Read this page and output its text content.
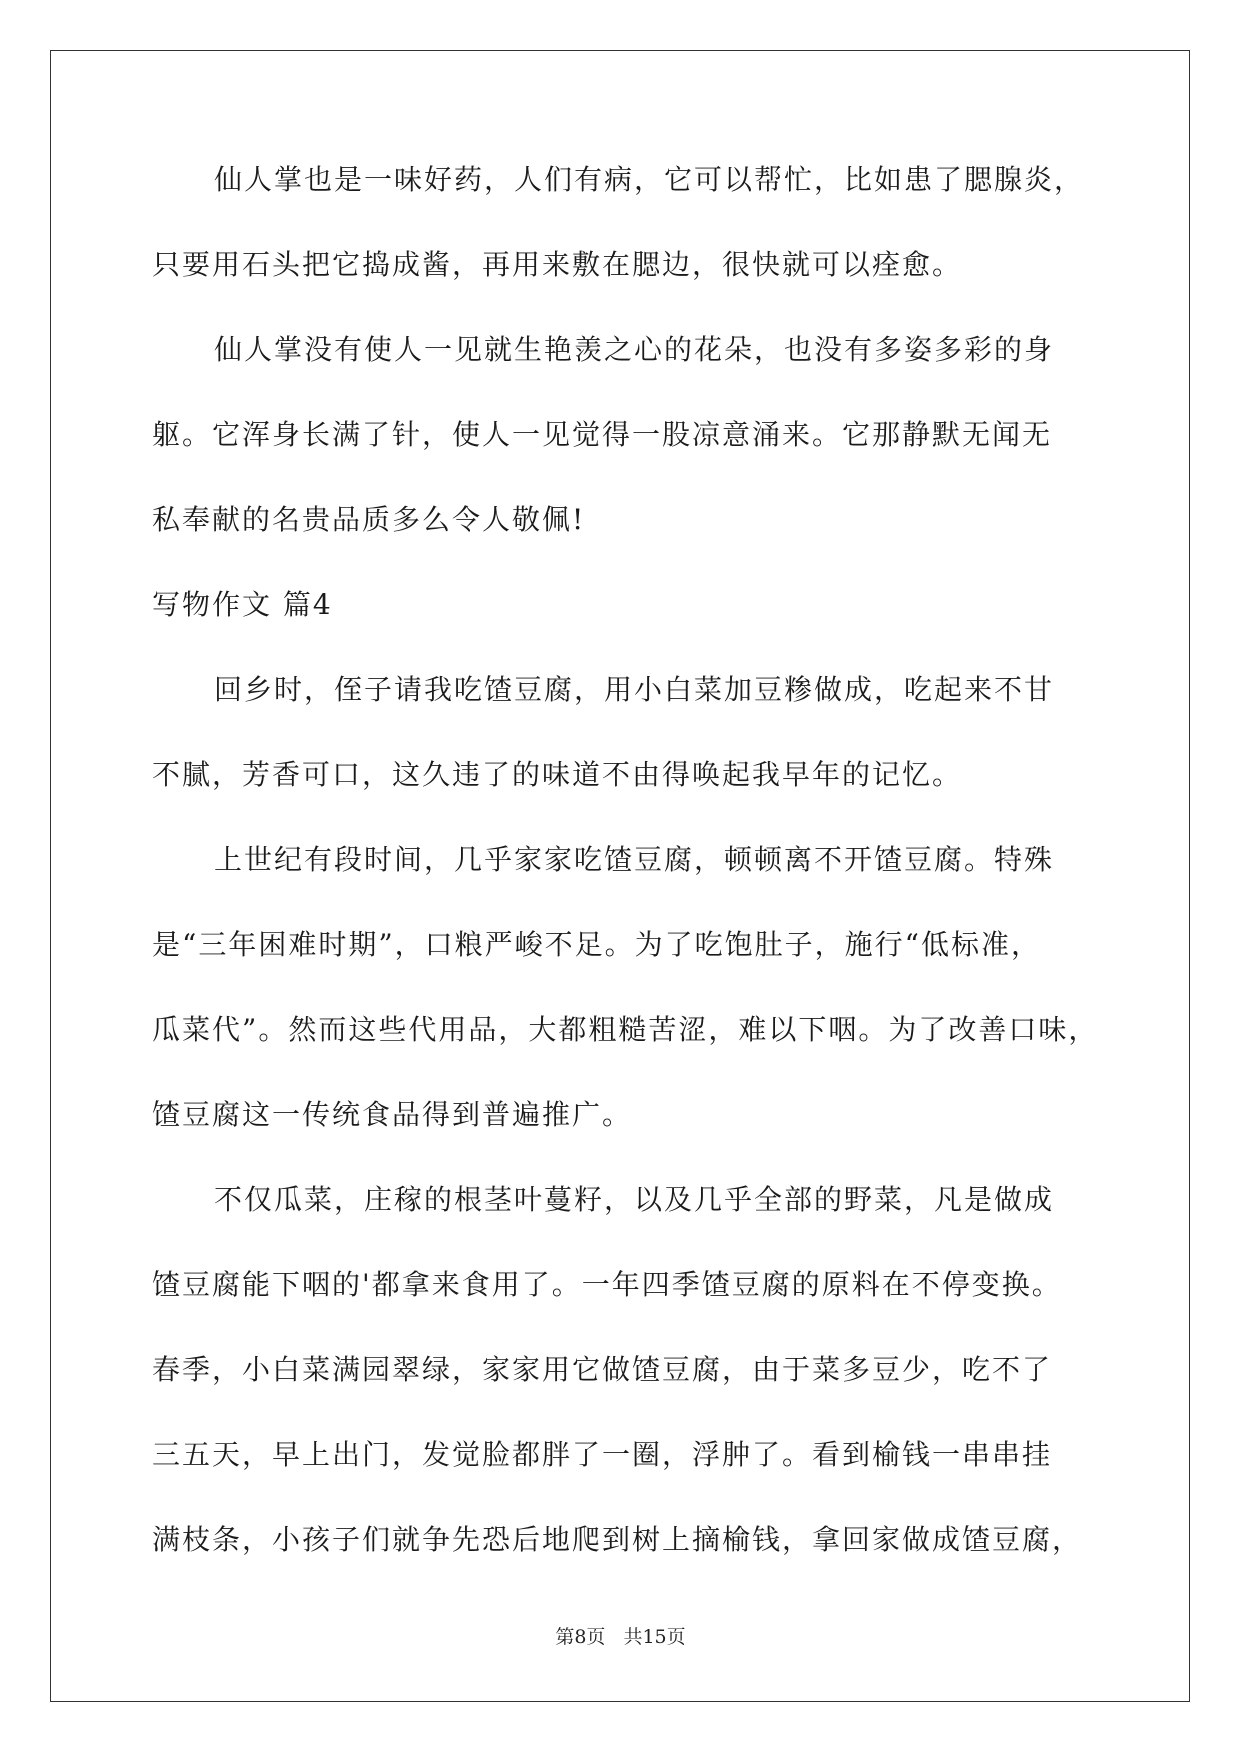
仙人掌也是一味好药，人们有病，它可以帮忙，比如患了腮腺炎，
只要用石头把它捣成酱，再用来敷在腮边，很快就可以痊愈。
仙人掌没有使人一见就生艳羡之心的花朵，也没有多姿多彩的身
躯。它浑身长满了针，使人一见觉得一股凉意涌来。它那静默无闻无
私奉献的名贵品质多么令人敬佩!
写物作文 篇4
回乡时，侄子请我吃馇豆腐，用小白菜加豆糁做成，吃起来不甘
不腻，芳香可口，这久违了的味道不由得唤起我早年的记忆。
上世纪有段时间，几乎家家吃馇豆腐，顿顿离不开馇豆腐。特殊
是“三年困难时期”，口粮严峻不足。为了吃饱肚子，施行“低标准，
瓜菜代”。然而这些代用品，大都粗糙苦涩，难以下咽。为了改善口味，
馇豆腐这一传统食品得到普遍推广。
不仅瓜菜，庄稼的根茎叶蔓籽，以及几乎全部的野菜，凡是做成
馇豆腐能下咽的'都拿来食用了。一年四季馇豆腐的原料在不停变换。
春季，小白菜满园翠绿，家家用它做馇豆腐，由于菜多豆少，吃不了
三五天，早上出门，发觉脸都胖了一圈，浮肿了。看到榆钱一串串挂
满枝条，小孩子们就争先恐后地爬到树上摘榆钱，拿回家做成馇豆腐，
第8页 共15页
